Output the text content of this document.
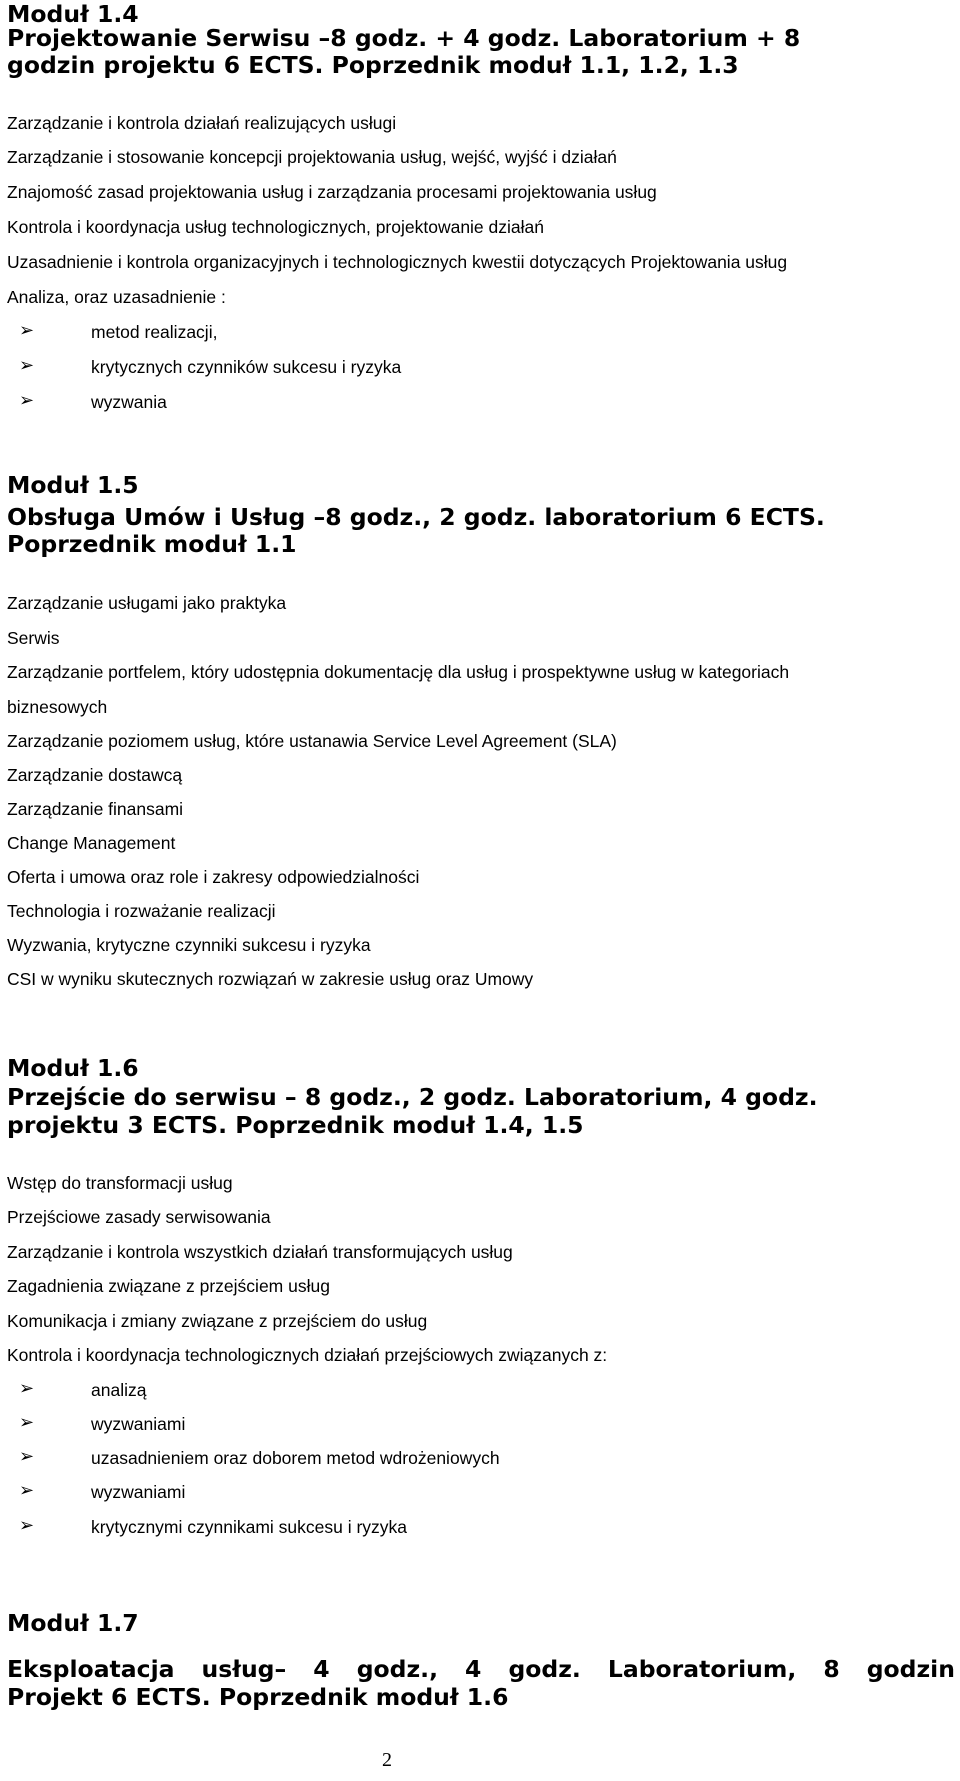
Moduł 1.4
Projektowanie Serwisu –8 godz. + 4 godz. Laboratorium + 8
godzin projektu 6 ECTS. Poprzednik moduł 1.1, 1.2, 1.3
Zarządzanie i kontrola działań realizujących usługi
Zarządzanie i stosowanie koncepcji projektowania usług, wejść, wyjść i działań
Znajomość zasad projektowania usług i zarządzania procesami projektowania usług
Kontrola i koordynacja usług technologicznych, projektowanie działań
Uzasadnienie i kontrola organizacyjnych i technologicznych kwestii dotyczących Projektowania usług
Analiza, oraz uzasadnienie :
➢	metod realizacji,
➢	krytycznych czynników sukcesu i ryzyka
➢	wyzwania
Moduł 1.5
Obsługa Umów i Usług –8 godz., 2 godz. laboratorium 6 ECTS.
Poprzednik moduł 1.1
Zarządzanie usługami jako praktyka
Serwis
Zarządzanie portfelem, który udostępnia dokumentację dla usług i prospektywne usług w kategoriach
biznesowych
Zarządzanie poziomem usług, które ustanawia Service Level Agreement (SLA)
Zarządzanie dostawcą
Zarządzanie finansami
Change Management
Oferta i umowa oraz role i zakresy odpowiedzialności
Technologia i rozważanie realizacji
Wyzwania, krytyczne czynniki sukcesu i ryzyka
CSI w wyniku skutecznych rozwiązań w zakresie usług oraz Umowy
Moduł 1.6
Przejście do serwisu – 8 godz., 2 godz. Laboratorium, 4 godz.
projektu 3 ECTS. Poprzednik moduł 1.4, 1.5
Wstęp do transformacji usług
Przejściowe zasady serwisowania
Zarządzanie i kontrola wszystkich działań transformujących usług
Zagadnienia związane z przejściem usług
Komunikacja i zmiany związane z przejściem do usług
Kontrola i koordynacja technologicznych działań przejściowych związanych z:
➢	analizą
➢	wyzwaniami
➢	uzasadnieniem oraz doborem metod wdrożeniowych
➢	wyzwaniami
➢	krytycznymi czynnikami sukcesu i ryzyka
Moduł 1.7
Eksploatacja usług– 4 godz., 4 godz. Laboratorium, 8 godzin
Projekt 6 ECTS. Poprzednik moduł 1.6
2
